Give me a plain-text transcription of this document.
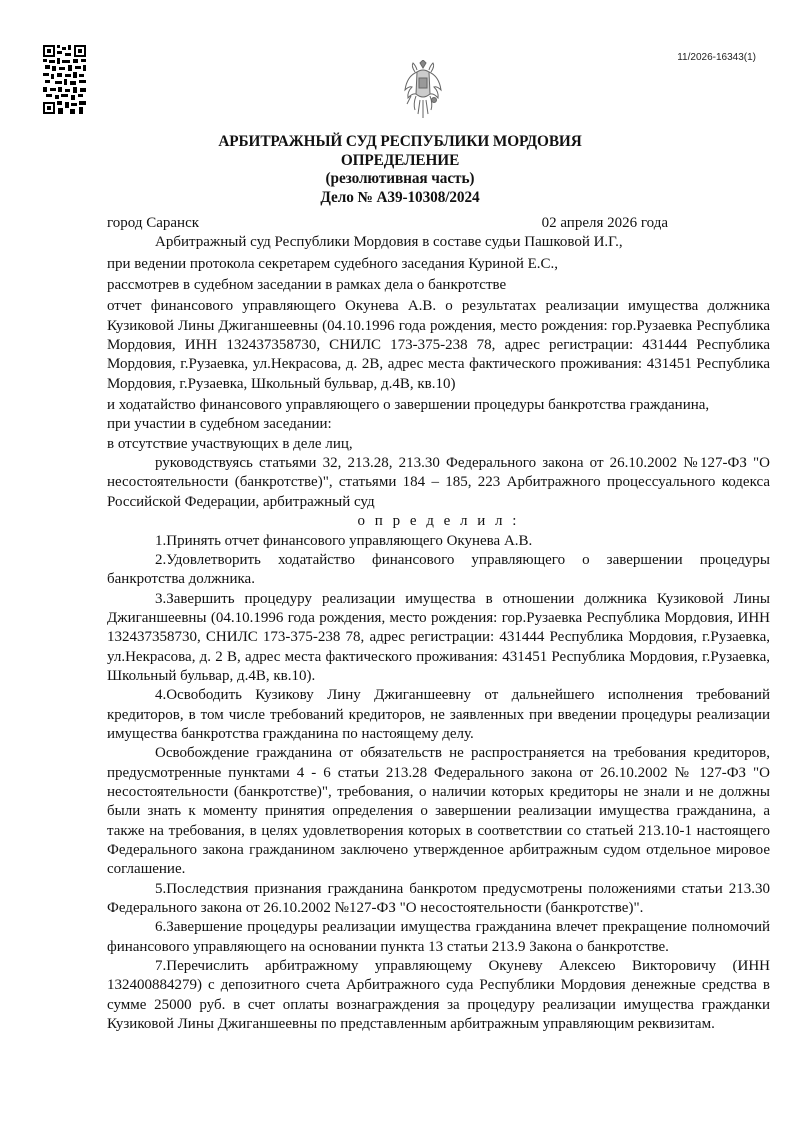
11/2026-16343(1)
АРБИТРАЖНЫЙ СУД РЕСПУБЛИКИ МОРДОВИЯ
ОПРЕДЕЛЕНИЕ
(резолютивная часть)
Дело № А39-10308/2024
город Саранск	02 апреля 2026 года

Арбитражный суд Республики Мордовия в составе судьи Пашковой И.Г.,

при ведении протокола секретарем судебного заседания Куриной Е.С.,

рассмотрев в судебном заседании в рамках дела о банкротстве

отчет финансового управляющего Окунева А.В. о результатах реализации имущества должника Кузиковой Лины Джиганшеевны (04.10.1996 года рождения, место рождения: гор.Рузаевка Республика Мордовия, ИНН 132437358730, СНИЛС 173-375-238 78, адрес регистрации: 431444 Республика Мордовия, г.Рузаевка, ул.Некрасова, д. 2В, адрес места фактического проживания: 431451 Республика Мордовия, г.Рузаевка, Школьный бульвар, д.4В, кв.10)

и ходатайство финансового управляющего о завершении процедуры банкротства гражданина,

при участии в судебном заседании:

в отсутствие участвующих в деле лиц,

руководствуясь статьями 32, 213.28, 213.30 Федерального закона от 26.10.2002 №127-ФЗ "О несостоятельности (банкротстве)", статьями 184 – 185, 223 Арбитражного процессуального кодекса Российской Федерации, арбитражный суд

о п р е д е л и л :

1.Принять отчет финансового управляющего Окунева А.В.

2.Удовлетворить ходатайство финансового управляющего о завершении процедуры банкротства должника.

3.Завершить процедуру реализации имущества в отношении должника Кузиковой Лины Джиганшеевны (04.10.1996 года рождения, место рождения: гор.Рузаевка Республика Мордовия, ИНН 132437358730, СНИЛС 173-375-238 78, адрес регистрации: 431444 Республика Мордовия, г.Рузаевка, ул.Некрасова, д. 2 В, адрес места фактического проживания: 431451 Республика Мордовия, г.Рузаевка, Школьный бульвар, д.4В, кв.10).

4.Освободить Кузикову Лину Джиганшеевну от дальнейшего исполнения требований кредиторов, в том числе требований кредиторов, не заявленных при введении процедуры реализации имущества банкротства гражданина по настоящему делу.

Освобождение гражданина от обязательств не распространяется на требования кредиторов, предусмотренные пунктами 4 - 6 статьи 213.28 Федерального закона от 26.10.2002 № 127-ФЗ "О несостоятельности (банкротстве)", требования, о наличии которых кредиторы не знали и не должны были знать к моменту принятия определения о завершении реализации имущества гражданина, а также на требования, в целях удовлетворения которых в соответствии со статьей 213.10-1 настоящего Федерального закона гражданином заключено утвержденное арбитражным судом отдельное мировое соглашение.

5.Последствия признания гражданина банкротом предусмотрены положениями статьи 213.30 Федерального закона от 26.10.2002 №127-ФЗ "О несостоятельности (банкротстве)".

6.Завершение процедуры реализации имущества гражданина влечет прекращение полномочий финансового управляющего на основании пункта 13 статьи 213.9 Закона о банкротстве.

7.Перечислить арбитражному управляющему Окуневу Алексею Викторовичу (ИНН 132400884279) с депозитного счета Арбитражного суда Республики Мордовия денежные средства в сумме 25000 руб. в счет оплаты вознаграждения за процедуру реализации имущества гражданки Кузиковой Лины Джиганшеевны по представленным арбитражным управляющим реквизитам.
